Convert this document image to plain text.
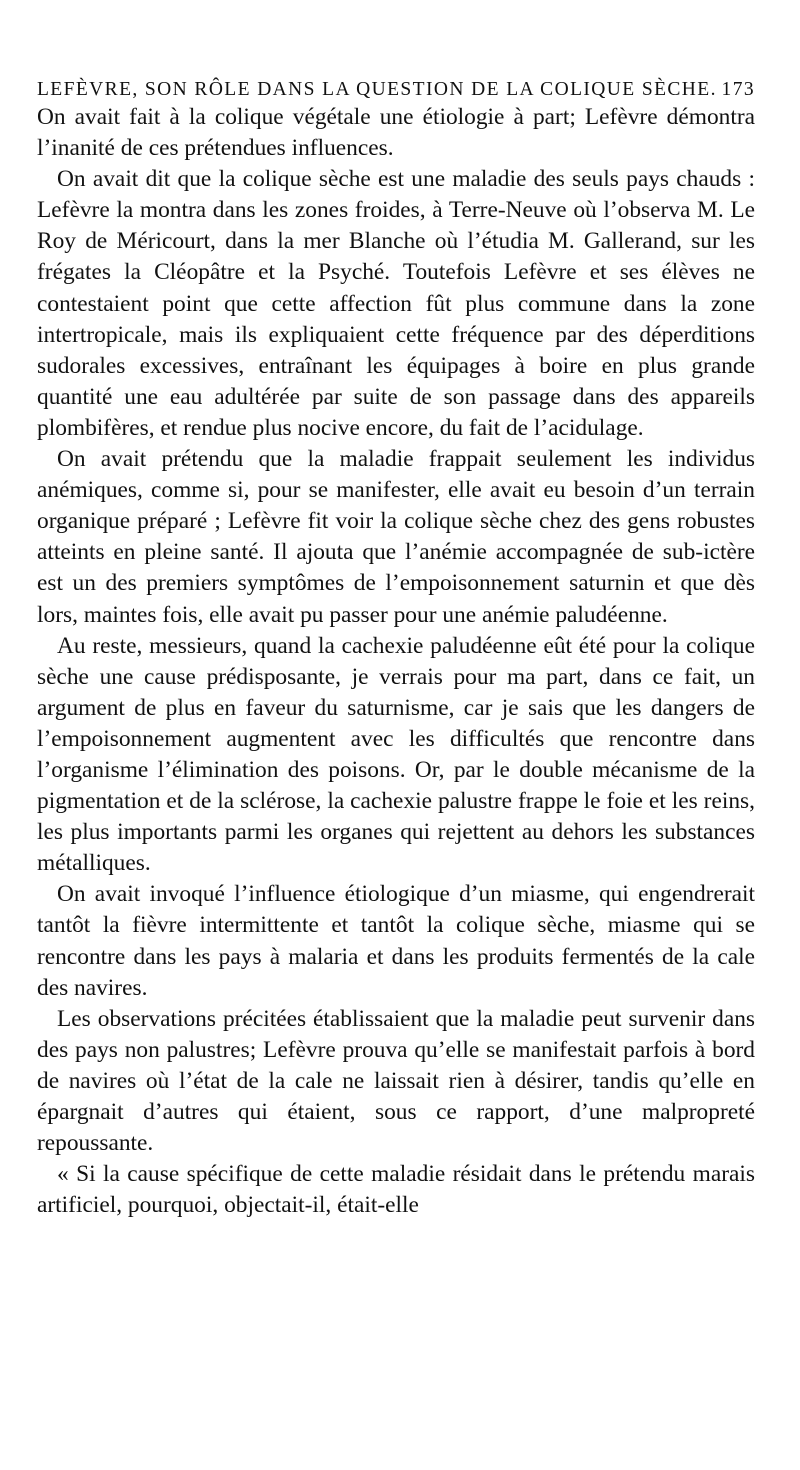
LEFÈVRE, SON RÔLE DANS LA QUESTION DE LA COLIQUE SÈCHE. 173

On avait fait à la colique végétale une étiologie à part; Lefèvre démontra l’inanité de ces prétendues influences.

On avait dit que la colique sèche est une maladie des seuls pays chauds : Lefèvre la montra dans les zones froides, à Terre-Neuve où l’observa M. Le Roy de Méricourt, dans la mer Blanche où l’étudia M. Gallerand, sur les frégates la Cléopâtre et la Psyché. Toutefois Lefèvre et ses élèves ne contestaient point que cette affection fût plus commune dans la zone intertropicale, mais ils expliquaient cette fréquence par des déperditions sudorales excessives, entraînant les équipages à boire en plus grande quantité une eau adultérée par suite de son passage dans des appareils plombifères, et rendue plus nocive encore, du fait de l’acidulage.

On avait prétendu que la maladie frappait seulement les individus anémiques, comme si, pour se manifester, elle avait eu besoin d’un terrain organique préparé ; Lefèvre fit voir la colique sèche chez des gens robustes atteints en pleine santé. Il ajouta que l’anémie accompagnée de sub-ictère est un des premiers symptômes de l’empoisonnement saturnin et que dès lors, maintes fois, elle avait pu passer pour une anémie paludéenne.

Au reste, messieurs, quand la cachexie paludéenne eût été pour la colique sèche une cause prédisposante, je verrais pour ma part, dans ce fait, un argument de plus en faveur du saturnisme, car je sais que les dangers de l’empoisonnement augmentent avec les difficultés que rencontre dans l’organisme l’élimination des poisons. Or, par le double mécanisme de la pigmentation et de la sclérose, la cachexie palustre frappe le foie et les reins, les plus importants parmi les organes qui rejettent au dehors les substances métalliques.

On avait invoqué l’influence étiologique d’un miasme, qui engendrerait tantôt la fièvre intermittente et tantôt la colique sèche, miasme qui se rencontre dans les pays à malaria et dans les produits fermentés de la cale des navires.

Les observations précitées établissaient que la maladie peut survenir dans des pays non palustres; Lefèvre prouva qu’elle se manifestait parfois à bord de navires où l’état de la cale ne laissait rien à désirer, tandis qu’elle en épargnait d’autres qui étaient, sous ce rapport, d’une malpropreté repoussante.

« Si la cause spécifique de cette maladie résidait dans le prétendu marais artificiel, pourquoi, objectait-il, était-elle
